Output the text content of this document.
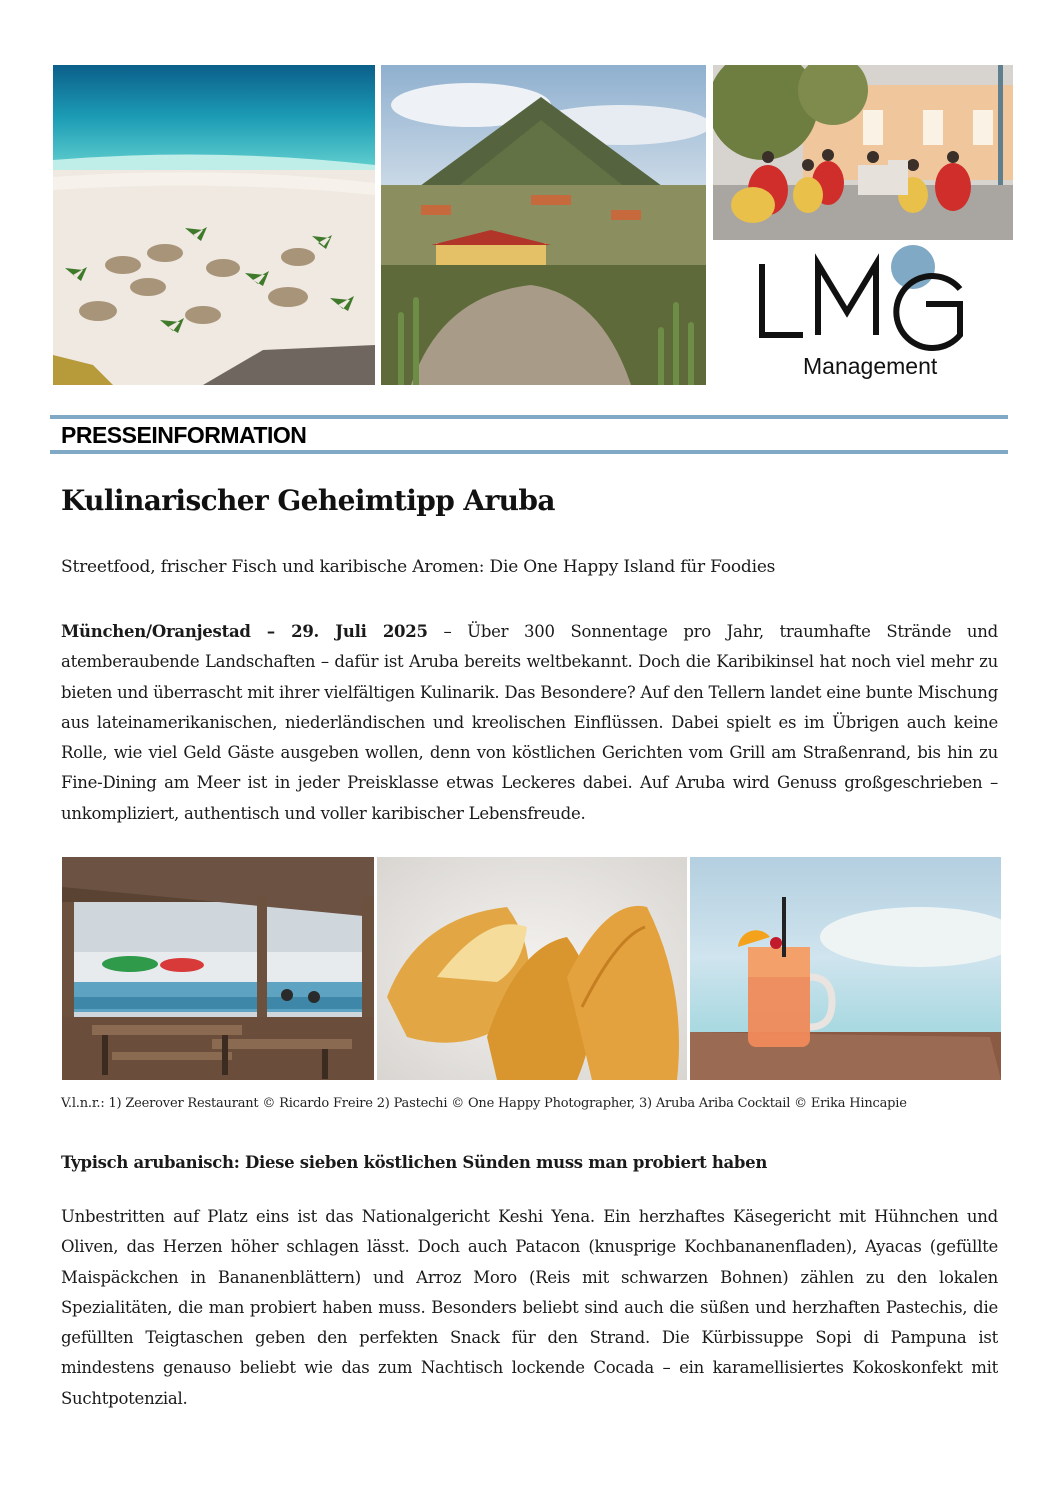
Management
PRESSEINFORMATION
Kulinarischer Geheimtipp Aruba
Streetfood, frischer Fisch und karibische Aromen: Die One Happy Island für Foodies

München/Oranjestad – 29. Juli 2025 – Über 300 Sonnentage pro Jahr, traumhafte Strände und atemberaubende Landschaften – dafür ist Aruba bereits weltbekannt. Doch die Karibikinsel hat noch viel mehr zu bieten und überrascht mit ihrer vielfältigen Kulinarik. Das Besondere? Auf den Tellern landet eine bunte Mischung aus lateinamerikanischen, niederländischen und kreolischen Einflüssen. Dabei spielt es im Übrigen auch keine Rolle, wie viel Geld Gäste ausgeben wollen, denn von köstlichen Gerichten vom Grill am Straßenrand, bis hin zu Fine-Dining am Meer ist in jeder Preisklasse etwas Leckeres dabei. Auf Aruba wird Genuss großgeschrieben – unkompliziert, authentisch und voller karibischer Lebensfreude.

V.l.n.r.: 1) Zeerover Restaurant © Ricardo Freire 2) Pastechi © One Happy Photographer, 3) Aruba Ariba Cocktail © Erika Hincapie
Typisch arubanisch: Diese sieben köstlichen Sünden muss man probiert haben

Unbestritten auf Platz eins ist das Nationalgericht Keshi Yena. Ein herzhaftes Käsegericht mit Hühnchen und Oliven, das Herzen höher schlagen lässt. Doch auch Patacon (knusprige Kochbananenfladen), Ayacas (gefüllte Maispäckchen in Bananenblättern) und Arroz Moro (Reis mit schwarzen Bohnen) zählen zu den lokalen Spezialitäten, die man probiert haben muss. Besonders beliebt sind auch die süßen und herzhaften Pastechis, die gefüllten Teigtaschen geben den perfekten Snack für den Strand. Die Kürbissuppe Sopi di Pampuna ist mindestens genauso beliebt wie das zum Nachtisch lockende Cocada – ein karamellisiertes Kokoskonfekt mit Suchtpotenzial.
